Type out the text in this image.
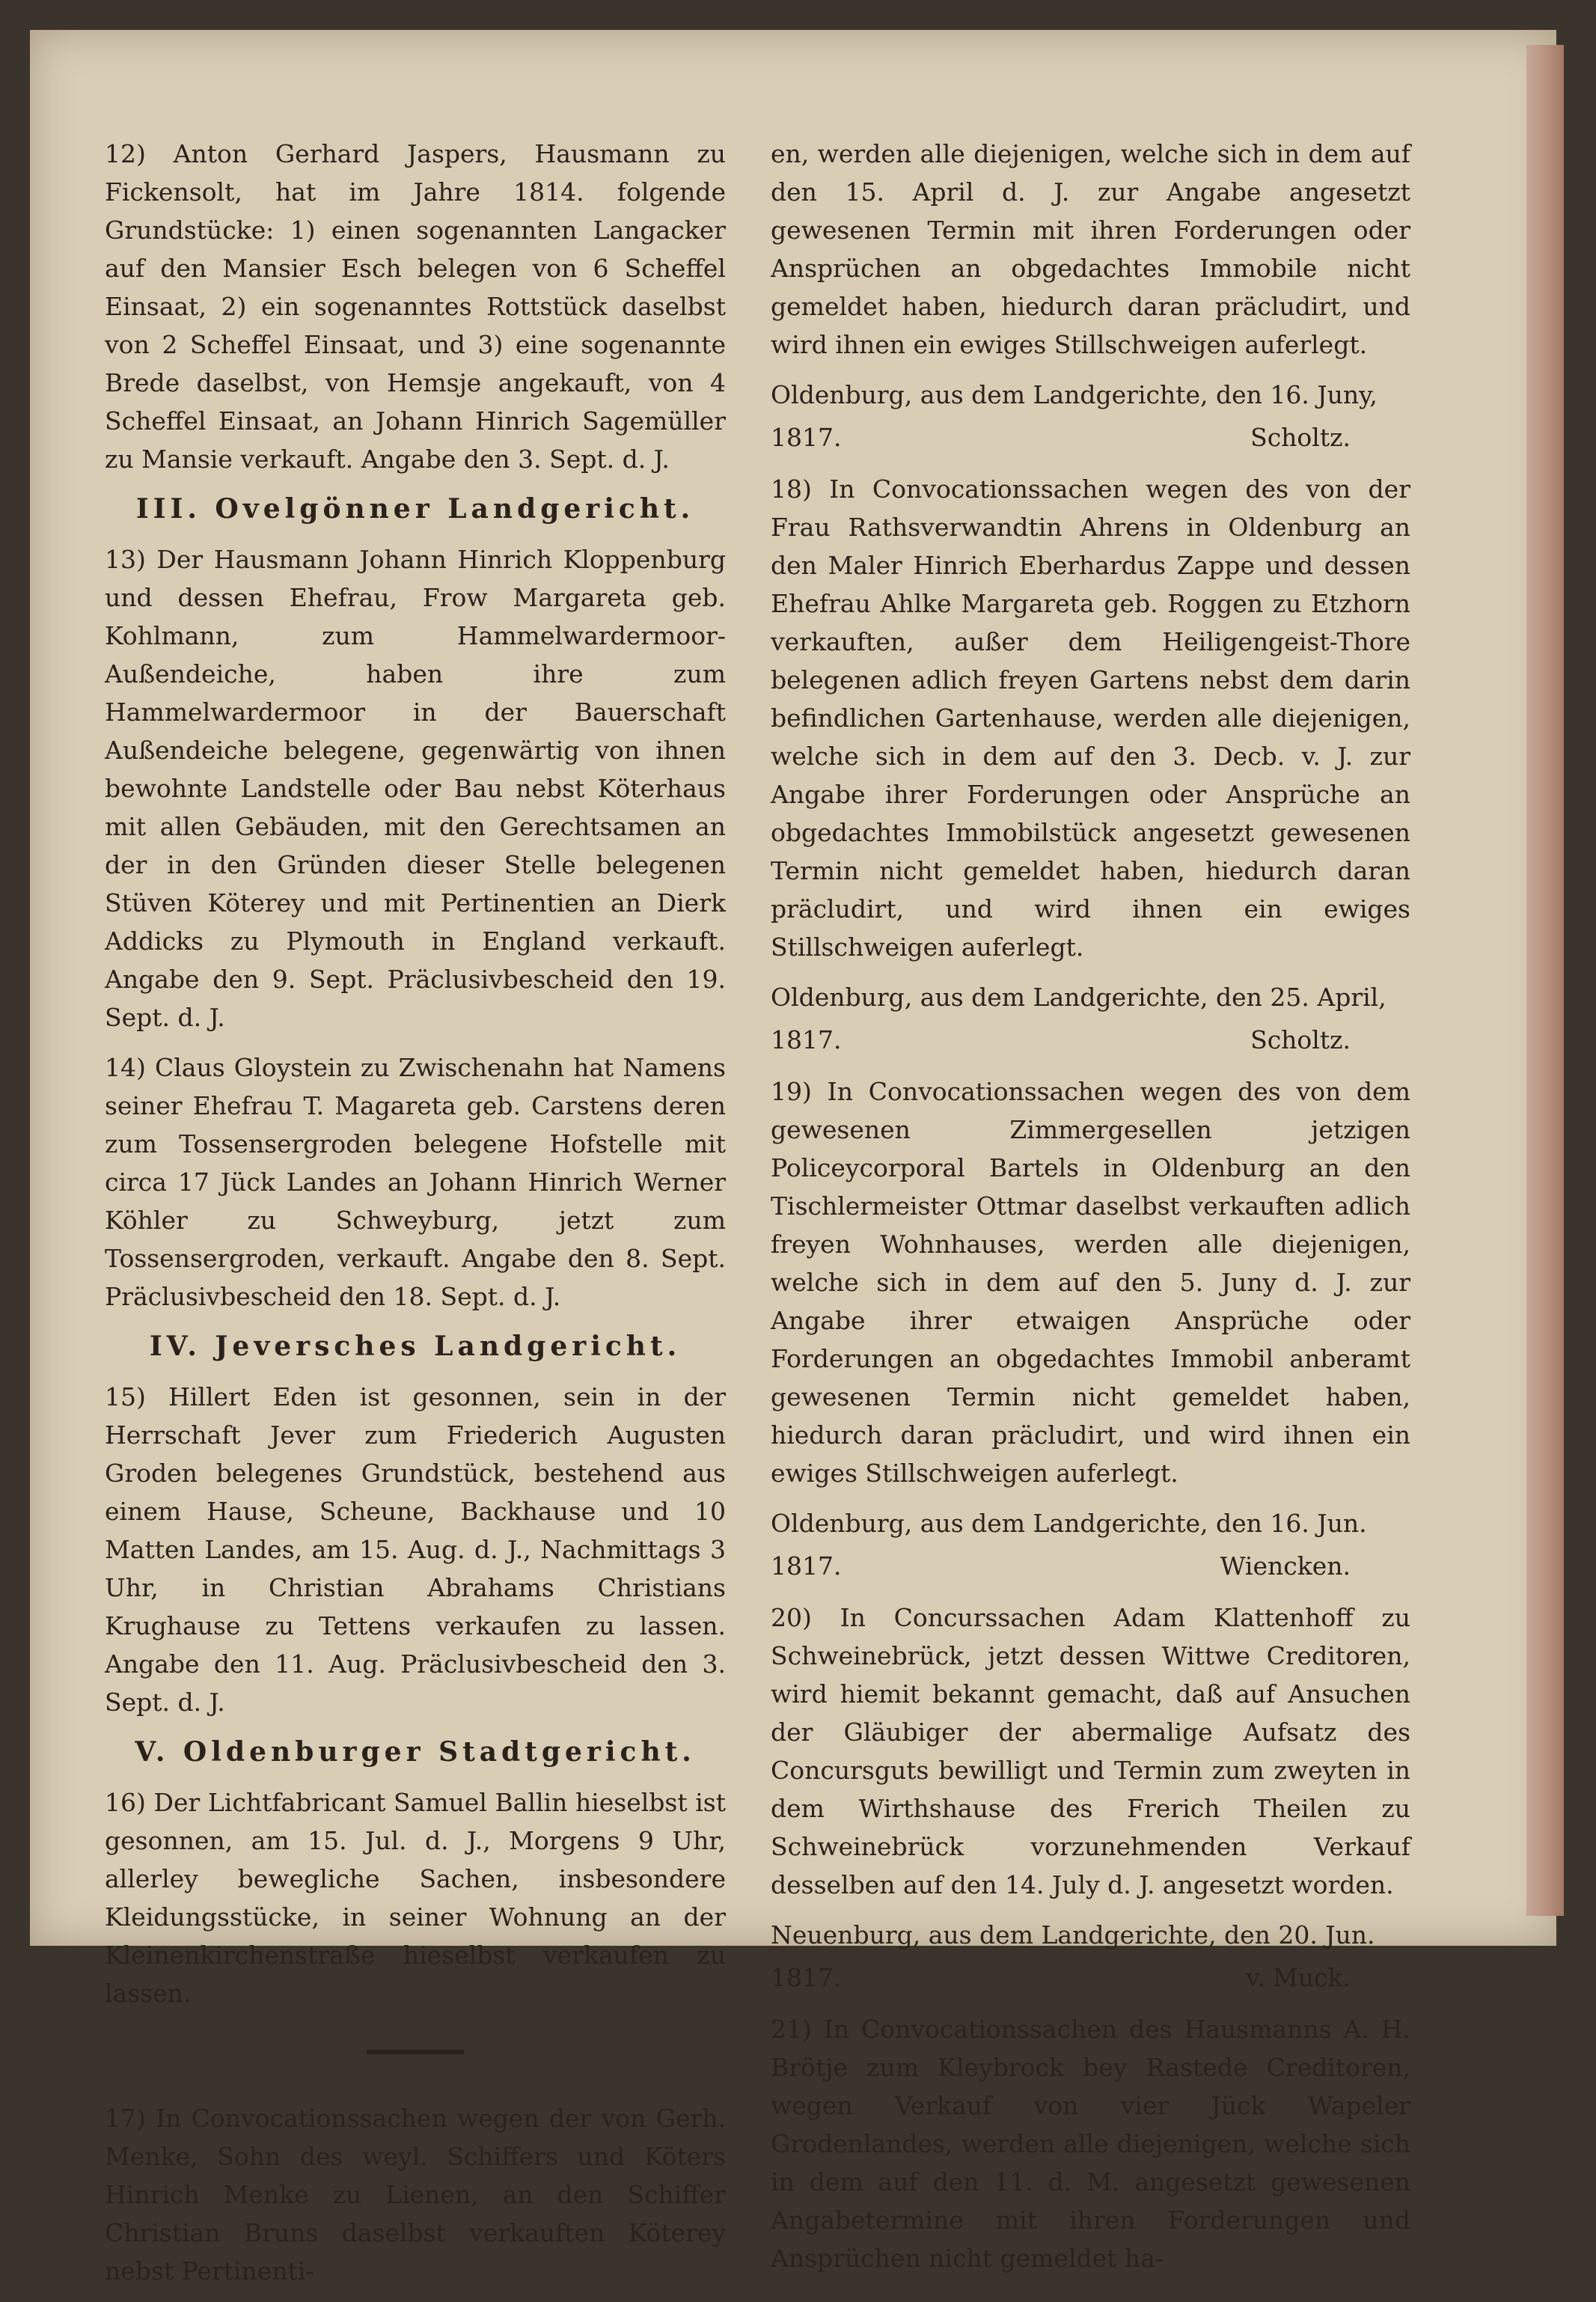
12) Anton Gerhard Jaspers, Hausmann zu Fickensolt, hat im Jahre 1814. folgende Grundstücke: 1) einen sogenannten Langacker auf den Mansier Esch belegen von 6 Scheffel Einsaat, 2) ein sogenanntes Rottstück daselbst von 2 Scheffel Einsaat, und 3) eine sogenannte Brede daselbst, von Hemsje angekauft, von 4 Scheffel Einsaat, an Johann Hinrich Sagemüller zu Mansie verkauft. Angabe den 3. Sept. d. J.

III. Ovelgönner Landgericht.

13) Der Hausmann Johann Hinrich Kloppenburg und dessen Ehefrau, Frow Margareta geb. Kohlmann, zum Hammelwardermoor-Außendeiche, haben ihre zum Hammelwardermoor in der Bauerschaft Außendeiche belegene, gegenwärtig von ihnen bewohnte Landstelle oder Bau nebst Köterhaus mit allen Gebäuden, mit den Gerechtsamen an der in den Gründen dieser Stelle belegenen Stüven Köterey und mit Pertinentien an Dierk Addicks zu Plymouth in England verkauft. Angabe den 9. Sept. Präclusivbescheid den 19. Sept. d. J.

14) Claus Gloystein zu Zwischenahn hat Namens seiner Ehefrau T. Magareta geb. Carstens deren zum Tossensergroden belegene Hofstelle mit circa 17 Jück Landes an Johann Hinrich Werner Köhler zu Schweyburg, jetzt zum Tossensergroden, verkauft. Angabe den 8. Sept. Präclusivbescheid den 18. Sept. d. J.

IV. Jeversches Landgericht.

15) Hillert Eden ist gesonnen, sein in der Herrschaft Jever zum Friederich Augusten Groden belegenes Grundstück, bestehend aus einem Hause, Scheune, Backhause und 10 Matten Landes, am 15. Aug. d. J., Nachmittags 3 Uhr, in Christian Abrahams Christians Krughause zu Tettens verkaufen zu lassen. Angabe den 11. Aug. Präclusivbescheid den 3. Sept. d. J.

V. Oldenburger Stadtgericht.

16) Der Lichtfabricant Samuel Ballin hieselbst ist gesonnen, am 15. Jul. d. J., Morgens 9 Uhr, allerley bewegliche Sachen, insbesondere Kleidungsstücke, in seiner Wohnung an der Kleinenkirchenstraße hieselbst verkaufen zu lassen.

17) In Convocationssachen wegen der von Gerh. Menke, Sohn des weyl. Schiffers und Köters Hinrich Menke zu Lienen, an den Schiffer Christian Bruns daselbst verkauften Köterey nebst Pertinenti-

en, werden alle diejenigen, welche sich in dem auf den 15. April d. J. zur Angabe angesetzt gewesenen Termin mit ihren Forderungen oder Ansprüchen an obgedachtes Immobile nicht gemeldet haben, hiedurch daran präcludirt, und wird ihnen ein ewiges Stillschweigen auferlegt.

Oldenburg, aus dem Landgerichte, den 16. Juny,

1817.	Scholtz.

18) In Convocationssachen wegen des von der Frau Rathsverwandtin Ahrens in Oldenburg an den Maler Hinrich Eberhardus Zappe und dessen Ehefrau Ahlke Margareta geb. Roggen zu Etzhorn verkauften, außer dem Heiligengeist-Thore belegenen adlich freyen Gartens nebst dem darin befindlichen Gartenhause, werden alle diejenigen, welche sich in dem auf den 3. Decb. v. J. zur Angabe ihrer Forderungen oder Ansprüche an obgedachtes Immobilstück angesetzt gewesenen Termin nicht gemeldet haben, hiedurch daran präcludirt, und wird ihnen ein ewiges Stillschweigen auferlegt.

Oldenburg, aus dem Landgerichte, den 25. April,

1817.	Scholtz.

19) In Convocationssachen wegen des von dem gewesenen Zimmergesellen jetzigen Policeycorporal Bartels in Oldenburg an den Tischlermeister Ottmar daselbst verkauften adlich freyen Wohnhauses, werden alle diejenigen, welche sich in dem auf den 5. Juny d. J. zur Angabe ihrer etwaigen Ansprüche oder Forderungen an obgedachtes Immobil anberamt gewesenen Termin nicht gemeldet haben, hiedurch daran präcludirt, und wird ihnen ein ewiges Stillschweigen auferlegt.

Oldenburg, aus dem Landgerichte, den 16. Jun.

1817.	Wiencken.

20) In Concurssachen Adam Klattenhoff zu Schweinebrück, jetzt dessen Wittwe Creditoren, wird hiemit bekannt gemacht, daß auf Ansuchen der Gläubiger der abermalige Aufsatz des Concursguts bewilligt und Termin zum zweyten in dem Wirthshause des Frerich Theilen zu Schweinebrück vorzunehmenden Verkauf desselben auf den 14. July d. J. angesetzt worden.

Neuenburg, aus dem Landgerichte, den 20. Jun.

1817.	v. Muck.

21) In Convocationssachen des Hausmanns A. H. Brötje zum Kleybrock bey Rastede Creditoren, wegen Verkauf von vier Jück Wapeler Grodenlandes, werden alle diejenigen, welche sich in dem auf den 11. d. M. angesetzt gewesenen Angabetermine mit ihren Forderungen und Ansprüchen nicht gemeldet ha-
